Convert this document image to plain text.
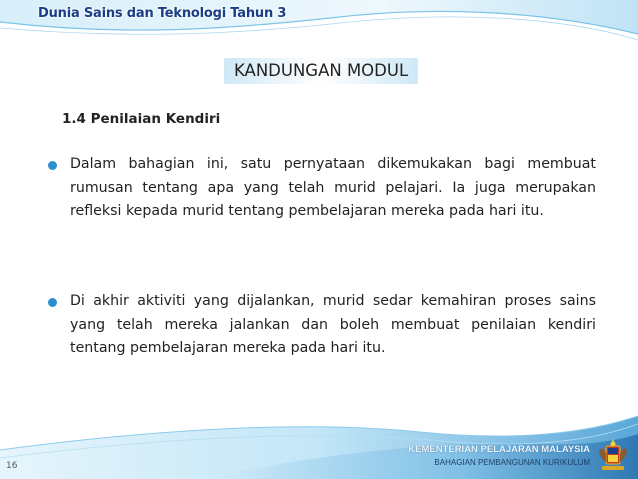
Dunia Sains dan Teknologi Tahun 3
KANDUNGAN MODUL
1.4 Penilaian Kendiri
Dalam bahagian ini, satu pernyataan dikemukakan bagi membuat rumusan tentang apa yang telah murid pelajari. Ia juga merupakan refleksi kepada murid tentang pembelajaran mereka pada hari itu.
Di akhir aktiviti yang dijalankan, murid sedar kemahiran proses sains yang telah mereka jalankan dan boleh membuat penilaian kendiri tentang pembelajaran mereka pada hari itu.
16
KEMENTERIAN PELAJARAN MALAYSIA
BAHAGIAN PEMBANGUNAN KURIKULUM
